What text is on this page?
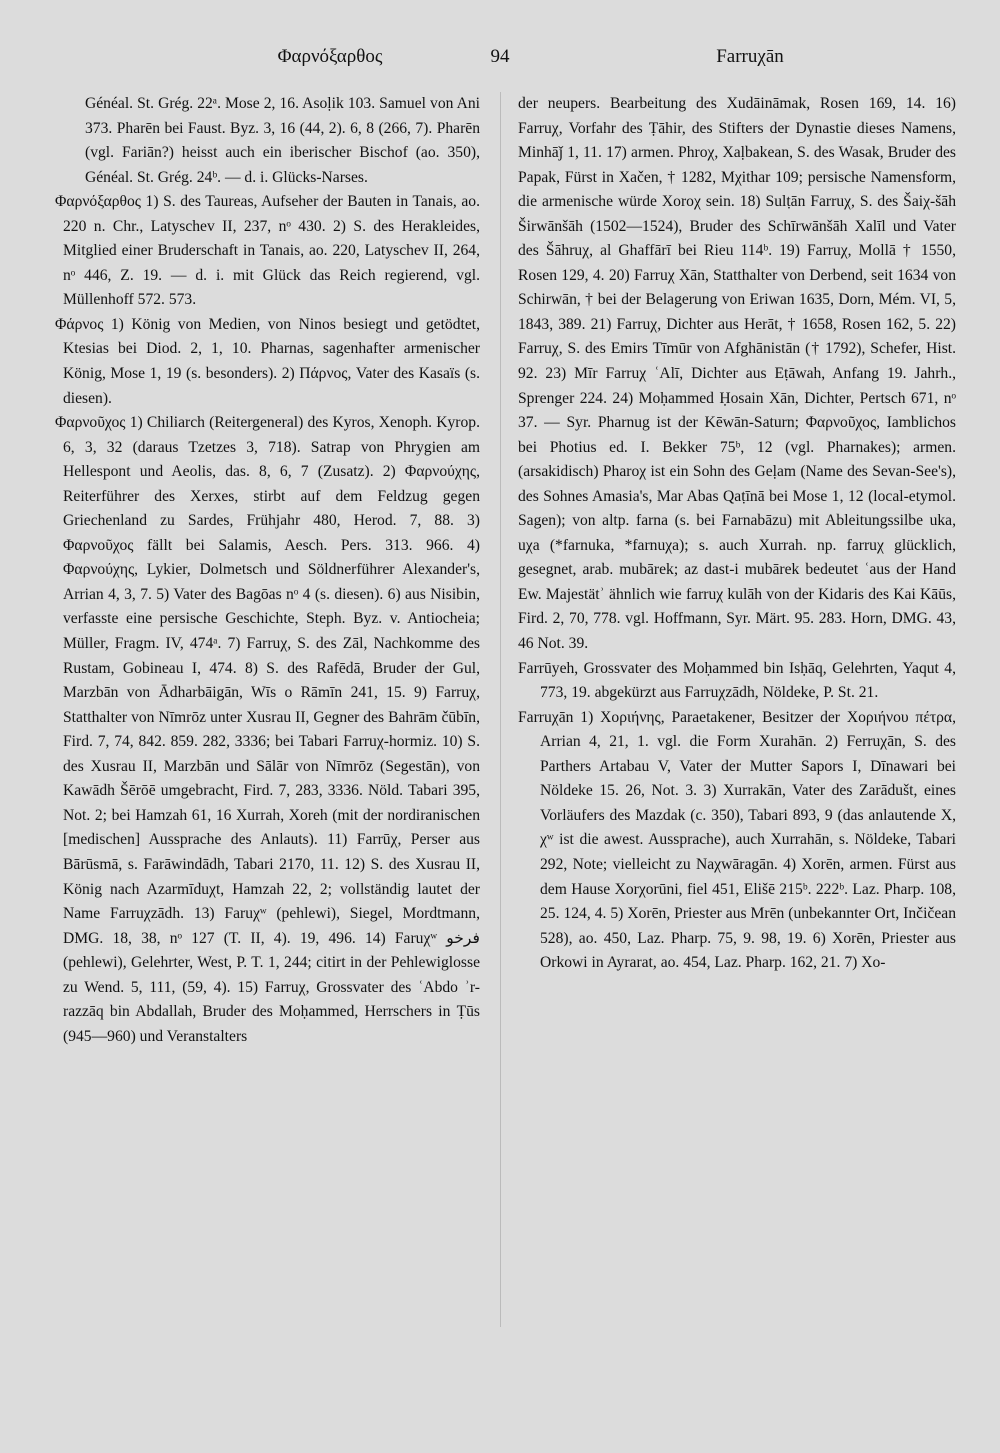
Φαρνόξαρθος	94	Farruχān

Généal. St. Grég. 22ᵃ. Mose 2, 16. Asoḷik 103. Samuel von Ani 373. Pharēn bei Faust. Byz. 3, 16 (44, 2). 6, 8 (266, 7). Pharēn (vgl. Fariān?) heisst auch ein iberischer Bischof (ao. 350), Généal. St. Grég. 24ᵇ. — d. i. Glücks-Narses.

Φαρνόξαρθος 1) S. des Taureas, Aufseher der Bauten in Tanais, ao. 220 n. Chr., Latyschev II, 237, nᵒ 430. 2) S. des Herakleides, Mitglied einer Bruderschaft in Tanais, ao. 220, Latyschev II, 264, nᵒ 446, Z. 19. — d. i. mit Glück das Reich regierend, vgl. Müllenhoff 572. 573.

Φάρνος 1) König von Medien, von Ninos besiegt und getödtet, Ktesias bei Diod. 2, 1, 10. Pharnas, sagenhafter armenischer König, Mose 1, 19 (s. besonders). 2) Πάρνος, Vater des Kasaïs (s. diesen).

Φαρνοῦχος 1) Chiliarch (Reitergeneral) des Kyros, Xenoph. Kyrop. 6, 3, 32 (daraus Tzetzes 3, 718). Satrap von Phrygien am Hellespont und Aeolis, das. 8, 6, 7 (Zusatz). 2) Φαρνούχης, Reiterführer des Xerxes, stirbt auf dem Feldzug gegen Griechenland zu Sardes, Frühjahr 480, Herod. 7, 88. 3) Φαρνοῦχος fällt bei Salamis, Aesch. Pers. 313. 966. 4) Φαρνούχης, Lykier, Dolmetsch und Söldnerführer Alexander's, Arrian 4, 3, 7. 5) Vater des Bagōas nᵒ 4 (s. diesen). 6) aus Nisibin, verfasste eine persische Geschichte, Steph. Byz. v. Antiocheia; Müller, Fragm. IV, 474ᵃ. 7) Farruχ, S. des Zāl, Nachkomme des Rustam, Gobineau I, 474. 8) S. des Rafēdā, Bruder der Gul, Marzbān von Ādharbāigān, Wīs o Rāmīn 241, 15. 9) Farruχ, Statthalter von Nīmrōz unter Xusrau II, Gegner des Bahrām čūbīn, Fird. 7, 74, 842. 859. 282, 3336; bei Tabari Farruχ-hormiz. 10) S. des Xusrau II, Marzbān und Sālār von Nīmrōz (Segestān), von Kawādh Šērōē umgebracht, Fird. 7, 283, 3336. Nöld. Tabari 395, Not. 2; bei Hamzah 61, 16 Xurrah, Xoreh (mit der nordiranischen [medischen] Aussprache des Anlauts). 11) Farrūχ, Perser aus Bārūsmā, s. Farāwindādh, Tabari 2170, 11. 12) S. des Xusrau II, König nach Azarmīduχt, Hamzah 22, 2; vollständig lautet der Name Farruχzādh. 13) Faruχʷ (pehlewi), Siegel, Mordtmann, DMG. 18, 38, nᵒ 127 (T. II, 4). 19, 496. 14) Faruχʷ فرخو (pehlewi), Gelehrter, West, P. T. 1, 244; citirt in der Pehlewiglosse zu Wend. 5, 111, (59, 4). 15) Farruχ, Grossvater des ʿAbdo ʾr-razzāq bin Abdallah, Bruder des Moḥammed, Herrschers in Ṭūs (945—960) und Veranstalters

der neupers. Bearbeitung des Xudāināmak, Rosen 169, 14. 16) Farruχ, Vorfahr des Ṭāhir, des Stifters der Dynastie dieses Namens, Minhāǰ 1, 11. 17) armen. Phroχ, Xaḷbakean, S. des Wasak, Bruder des Papak, Fürst in Xačen, † 1282, Mχithar 109; persische Namensform, die armenische würde Xoroχ sein. 18) Sulṭān Farruχ, S. des Šaiχ-šāh Širwānšāh (1502—1524), Bruder des Schīrwānšāh Xalīl und Vater des Šāhruχ, al Ghaffārī bei Rieu 114ᵇ. 19) Farruχ, Mollā † 1550, Rosen 129, 4. 20) Farruχ Xān, Statthalter von Derbend, seit 1634 von Schirwān, † bei der Belagerung von Eriwan 1635, Dorn, Mém. VI, 5, 1843, 389. 21) Farruχ, Dichter aus Herāt, † 1658, Rosen 162, 5. 22) Farruχ, S. des Emirs Tīmūr von Afghānistān († 1792), Schefer, Hist. 92. 23) Mīr Farruχ ʿAlī, Dichter aus Eṭāwah, Anfang 19. Jahrh., Sprenger 224. 24) Moḥammed Ḥosain Xān, Dichter, Pertsch 671, nᵒ 37. — Syr. Pharnug ist der Kēwān-Saturn; Φαρνοῦχος, Iamblichos bei Photius ed. I. Bekker 75ᵇ, 12 (vgl. Pharnakes); armen. (arsakidisch) Pharoχ ist ein Sohn des Geḷam (Name des Sevan-See's), des Sohnes Amasia's, Mar Abas Qaṭīnā bei Mose 1, 12 (local-etymol. Sagen); von altp. farna (s. bei Farnabāzu) mit Ableitungssilbe uka, uχa (*farnuka, *farnuχa); s. auch Xurrah. np. farruχ glücklich, gesegnet, arab. mubārek; az dast-i mubārek bedeutet ʿaus der Hand Ew. Majestätʾ ähnlich wie farruχ kulāh von der Kidaris des Kai Kāūs, Fird. 2, 70, 778. vgl. Hoffmann, Syr. Märt. 95. 283. Horn, DMG. 43, 46 Not. 39.

Farrūyeh, Grossvater des Moḥammed bin Isḥāq, Gelehrten, Yaqut 4, 773, 19. abgekürzt aus Farruχzādh, Nöldeke, P. St. 21.

Farruχān 1) Χοριήνης, Paraetakener, Besitzer der Χοριήνου πέτρα, Arrian 4, 21, 1. vgl. die Form Xurahān. 2) Ferruχān, S. des Parthers Artabau V, Vater der Mutter Sapors I, Dīnawari bei Nöldeke 15. 26, Not. 3. 3) Xurrakān, Vater des Zarādušt, eines Vorläufers des Mazdak (c. 350), Tabari 893, 9 (das anlautende X, χʷ ist die awest. Aussprache), auch Xurrahān, s. Nöldeke, Tabari 292, Note; vielleicht zu Naχwāragān. 4) Xorēn, armen. Fürst aus dem Hause Xorχorūni, fiel 451, Elišē 215ᵇ. 222ᵇ. Laz. Pharp. 108, 25. 124, 4. 5) Xorēn, Priester aus Mrēn (unbekannter Ort, Inčičean 528), ao. 450, Laz. Pharp. 75, 9. 98, 19. 6) Xorēn, Priester aus Orkowi in Ayrarat, ao. 454, Laz. Pharp. 162, 21. 7) Xo-
